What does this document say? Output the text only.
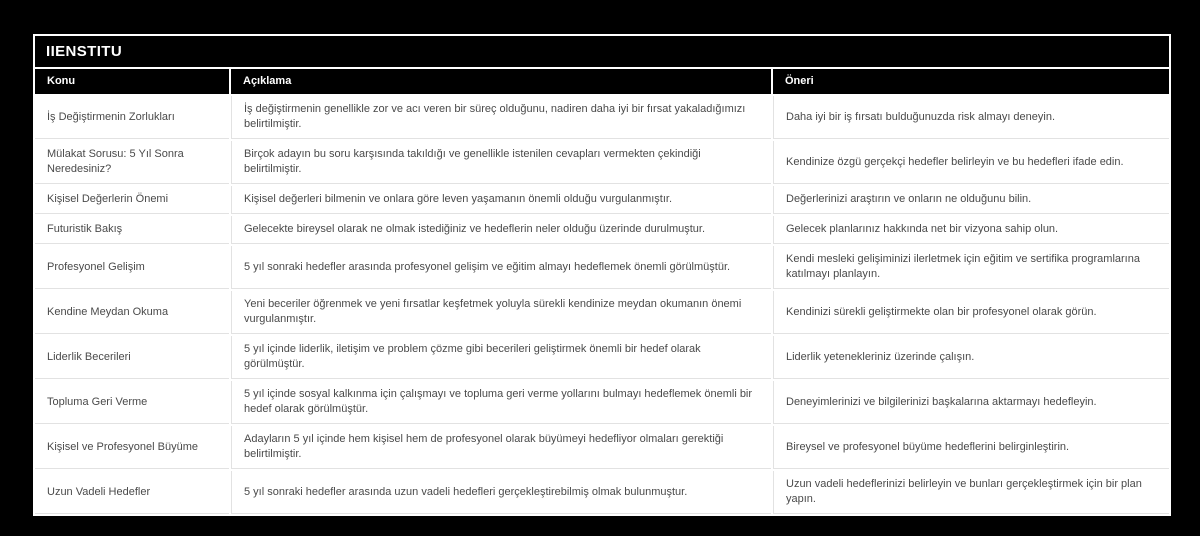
IIENSTITU		
Konu	Açıklama	Öneri
İş Değiştirmenin Zorlukları	İş değiştirmenin genellikle zor ve acı veren bir süreç olduğunu, nadiren daha iyi bir fırsat yakaladığımızı belirtilmiştir.	Daha iyi bir iş fırsatı bulduğunuzda risk almayı deneyin.
Mülakat Sorusu: 5 Yıl Sonra Neredesiniz?	Birçok adayın bu soru karşısında takıldığı ve genellikle istenilen cevapları vermekten çekindiği belirtilmiştir.	Kendinize özgü gerçekçi hedefler belirleyin ve bu hedefleri ifade edin.
Kişisel Değerlerin Önemi	Kişisel değerleri bilmenin ve onlara göre leven yaşamanın önemli olduğu vurgulanmıştır.	Değerlerinizi araştırın ve onların ne olduğunu bilin.
Futuristik Bakış	Gelecekte bireysel olarak ne olmak istediğiniz ve hedeflerin neler olduğu üzerinde durulmuştur.	Gelecek planlarınız hakkında net bir vizyona sahip olun.
Profesyonel Gelişim	5 yıl sonraki hedefler arasında profesyonel gelişim ve eğitim almayı hedeflemek önemli görülmüştür.	Kendi mesleki gelişiminizi ilerletmek için eğitim ve sertifika programlarına katılmayı planlayın.
Kendine Meydan Okuma	Yeni beceriler öğrenmek ve yeni fırsatlar keşfetmek yoluyla sürekli kendinize meydan okumanın önemi vurgulanmıştır.	Kendinizi sürekli geliştirmekte olan bir profesyonel olarak görün.
Liderlik Becerileri	5 yıl içinde liderlik, iletişim ve problem çözme gibi becerileri geliştirmek önemli bir hedef olarak görülmüştür.	Liderlik yetenekleriniz üzerinde çalışın.
Topluma Geri Verme	5 yıl içinde sosyal kalkınma için çalışmayı ve topluma geri verme yollarını bulmayı hedeflemek önemli bir hedef olarak görülmüştür.	Deneyimlerinizi ve bilgilerinizi başkalarına aktarmayı hedefleyin.
Kişisel ve Profesyonel Büyüme	Adayların 5 yıl içinde hem kişisel hem de profesyonel olarak büyümeyi hedefliyor olmaları gerektiği belirtilmiştir.	Bireysel ve profesyonel büyüme hedeflerini belirginleştirin.
Uzun Vadeli Hedefler	5 yıl sonraki hedefler arasında uzun vadeli hedefleri gerçekleştirebilmiş olmak bulunmuştur.	Uzun vadeli hedeflerinizi belirleyin ve bunları gerçekleştirmek için bir plan yapın.
